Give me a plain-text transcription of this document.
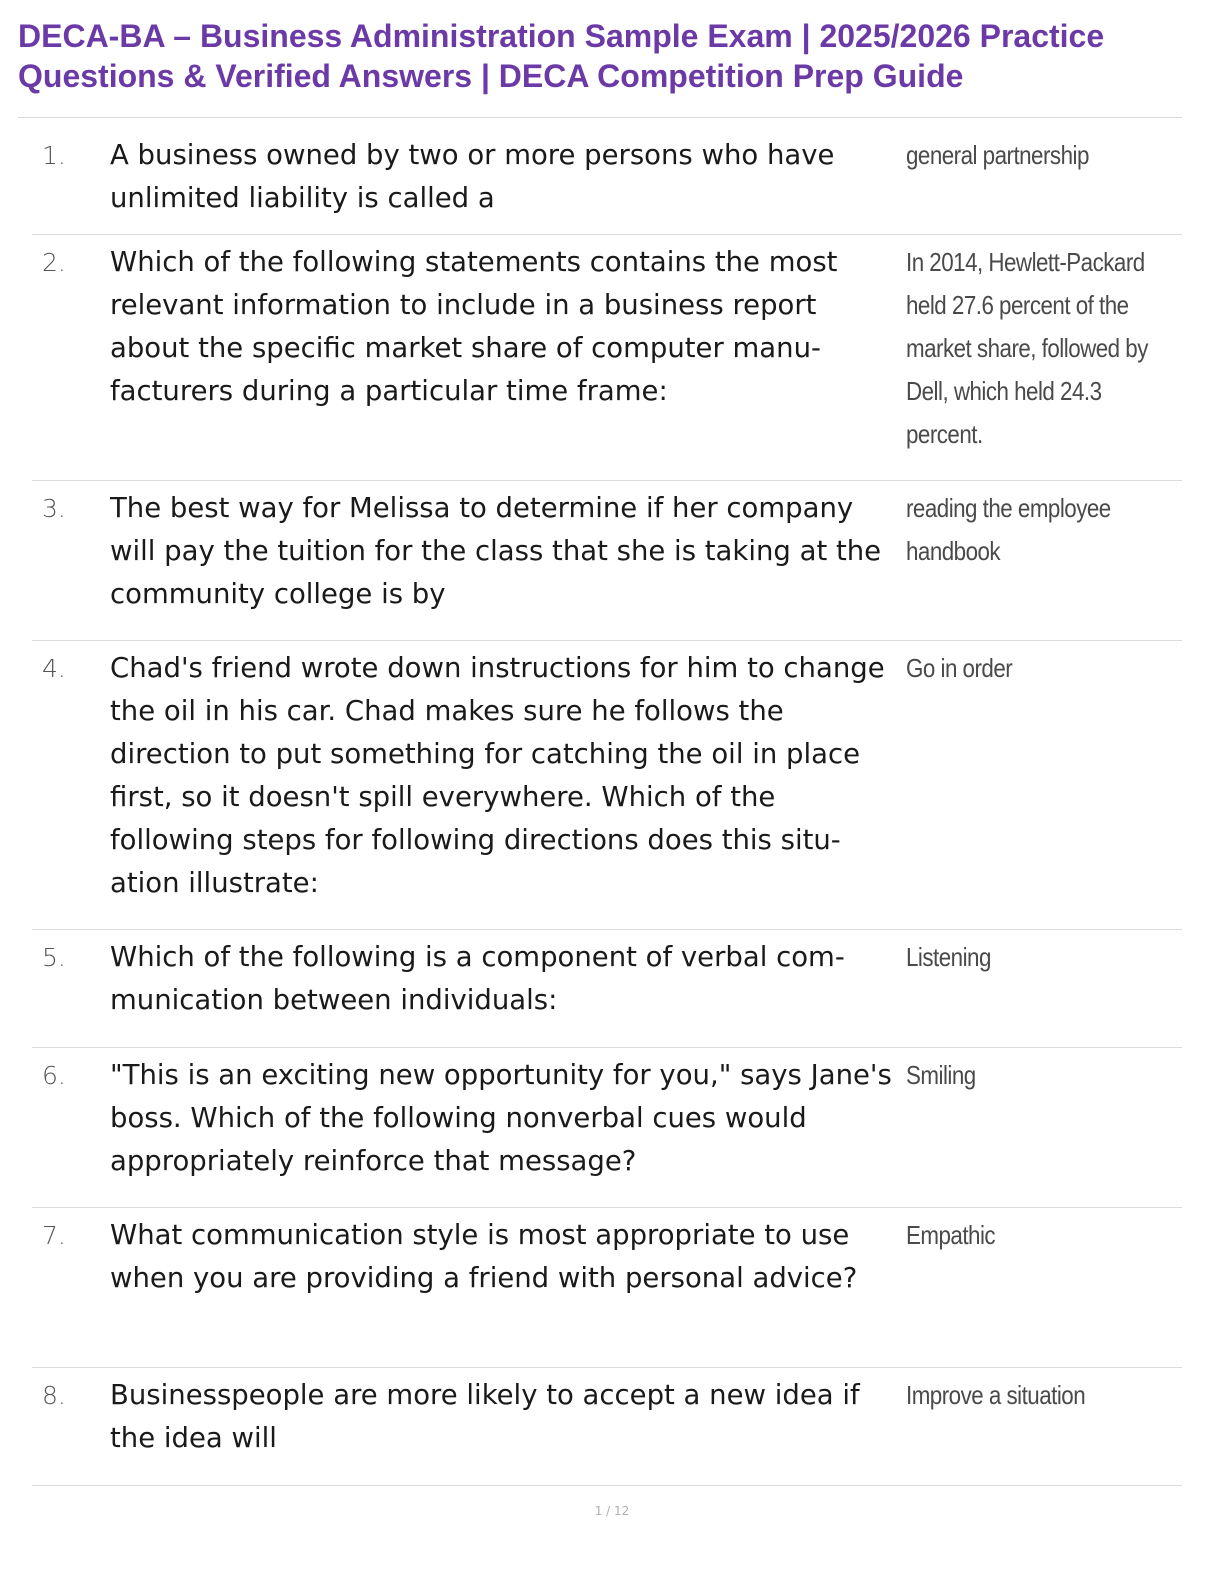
DECA-BA – Business Administration Sample Exam | 2025/2026 Practice Questions & Verified Answers | DECA Competition Prep Guide
1. A business owned by two or more persons who have unlimited liability is called a
general partnership
2. Which of the following statements contains the most relevant information to include in a business report about the specific market share of computer manu-facturers during a particular time frame:
In 2014, Hewlett-Packard held 27.6 percent of the market share, followed by Dell, which held 24.3 percent.
3. The best way for Melissa to determine if her company will pay the tuition for the class that she is taking at the community college is by
reading the employee handbook
4. Chad's friend wrote down instructions for him to change the oil in his car. Chad makes sure he follows the direction to put something for catching the oil in place first, so it doesn't spill everywhere. Which of the following steps for following directions does this situ-ation illustrate:
Go in order
5. Which of the following is a component of verbal com-munication between individuals:
Listening
6. "This is an exciting new opportunity for you," says Jane's boss. Which of the following nonverbal cues would appropriately reinforce that message?
Smiling
7. What communication style is most appropriate to use when you are providing a friend with personal advice?
Empathic
8. Businesspeople are more likely to accept a new idea if the idea will
Improve a situation
1 / 12
